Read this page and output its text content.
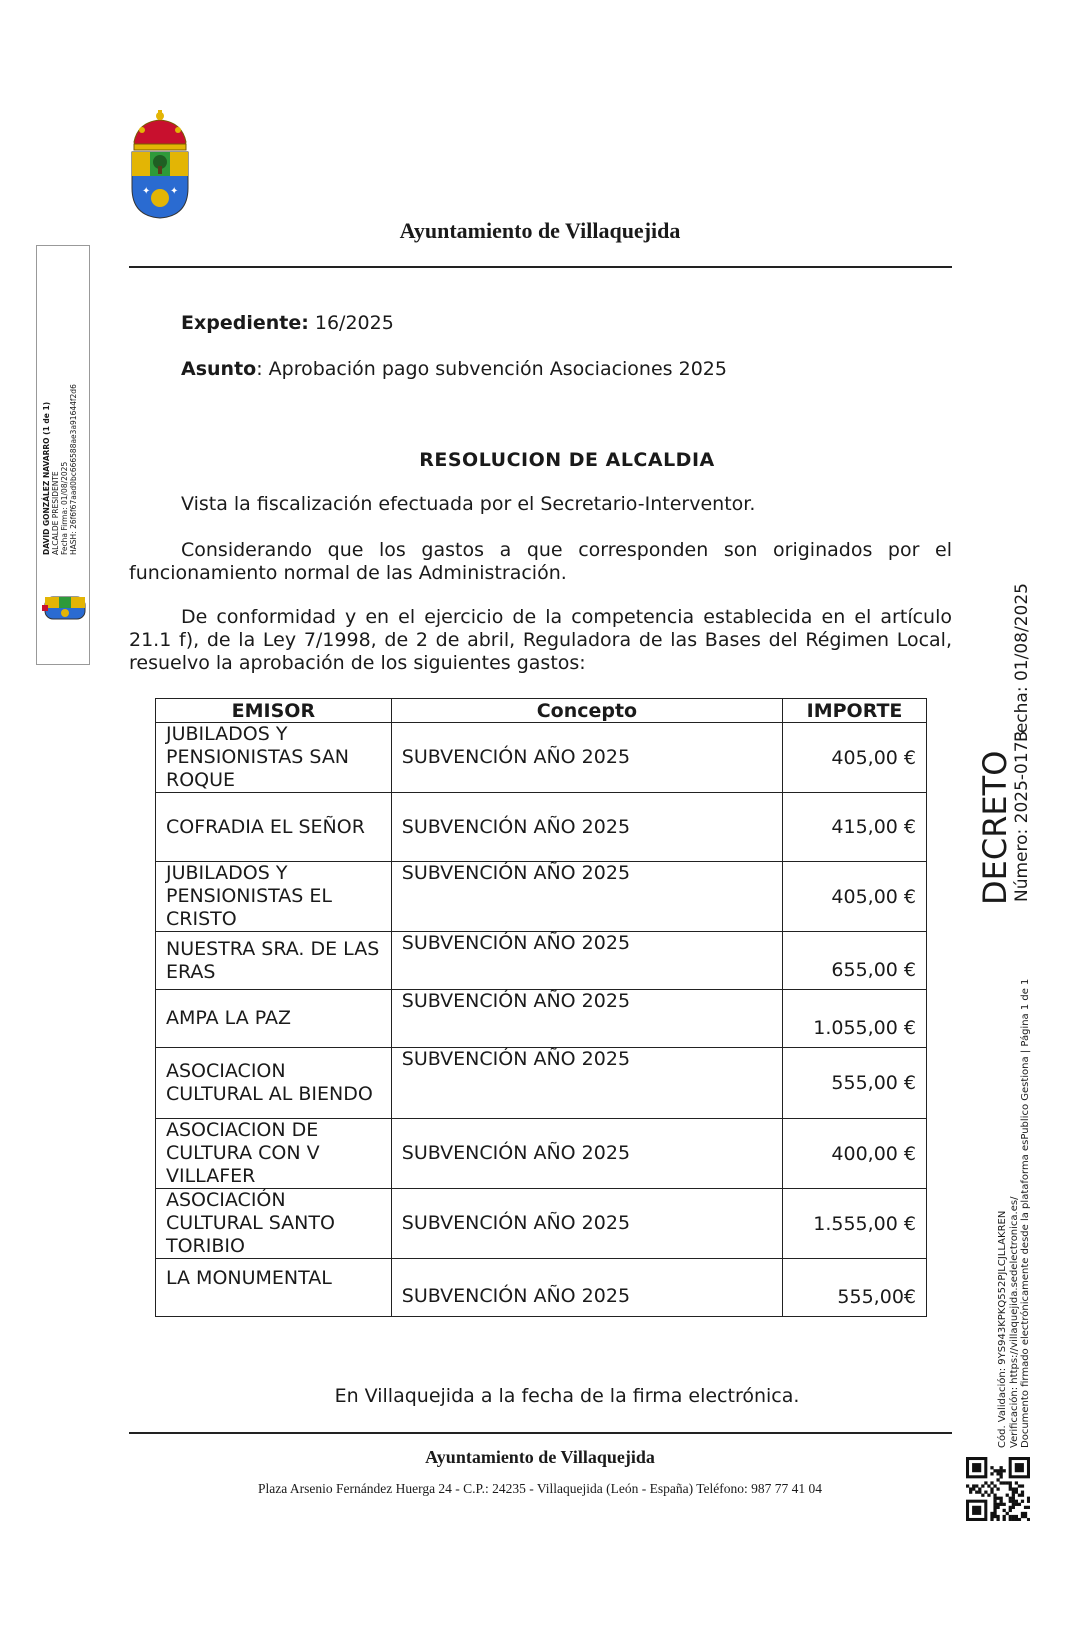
✦ ✦
Ayuntamiento de Villaquejida
Expediente: 16/2025
Asunto: Aprobación pago subvención Asociaciones 2025
RESOLUCION DE ALCALDIA
Vista la fiscalización efectuada por el Secretario-Interventor.
Considerando que los gastos a que corresponden son originados por el funcionamiento normal de las Administración.
De conformidad y en el ejercicio de la competencia establecida en el artículo 21.1 f), de la Ley 7/1998, de 2 de abril, Reguladora de las Bases del Régimen Local, resuelvo la aprobación de los siguientes gastos:
EMISOR	Concepto	IMPORTE
JUBILADOS Y PENSIONISTAS SAN ROQUE	SUBVENCIÓN AÑO 2025	405,00 €
COFRADIA EL SEÑOR	SUBVENCIÓN AÑO 2025	415,00 €
JUBILADOS Y PENSIONISTAS EL CRISTO	SUBVENCIÓN AÑO 2025	405,00 €
NUESTRA SRA. DE LAS ERAS	SUBVENCIÓN AÑO 2025	655,00 €
AMPA LA PAZ	SUBVENCIÓN AÑO 2025	1.055,00 €
ASOCIACION CULTURAL AL BIENDO	SUBVENCIÓN AÑO 2025	555,00 €
ASOCIACION DE CULTURA CON V VILLAFER	SUBVENCIÓN AÑO 2025	400,00 €
ASOCIACIÓN CULTURAL SANTO TORIBIO	SUBVENCIÓN AÑO 2025	1.555,00 €
LA MONUMENTAL	SUBVENCIÓN AÑO 2025	555,00€
En Villaquejida a la fecha de la firma electrónica.
Ayuntamiento de Villaquejida
Plaza Arsenio Fernández Huerga 24 - C.P.: 24235 - Villaquejida (León - España) Teléfono: 987 77 41 04
DAVID GONZÁLEZ NAVARRO (1 de 1) ALCALDE PRESIDENTE Fecha Firma: 01/08/2025 HASH: 26f6f67aad0bc666588ae3a91644f2d6
DECRETO
Número: 2025-0173
Fecha: 01/08/2025
Cód. Validación: 9YS943KPKQ552PJLCJLLAKREN Verificación: https://villaquejida.sedelectronica.es/ Documento firmado electrónicamente desde la plataforma esPublico Gestiona | Página 1 de 1
